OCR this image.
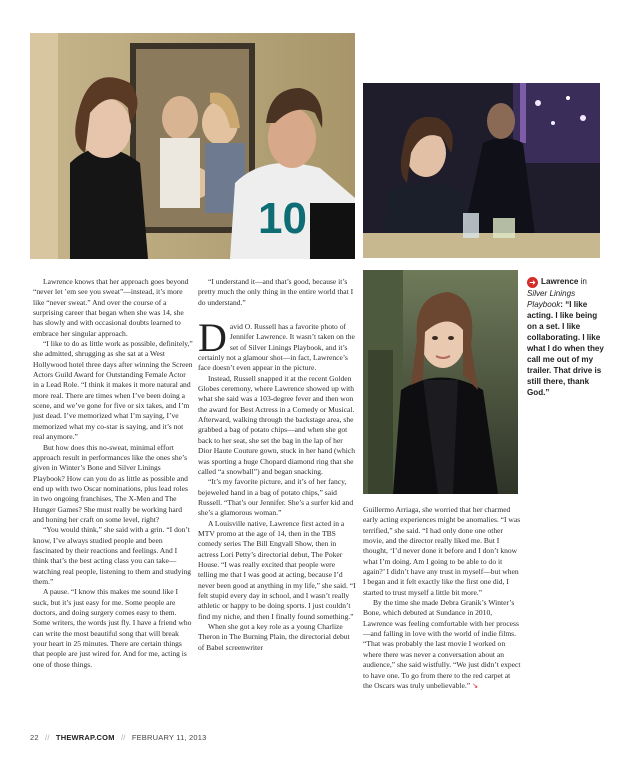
10
➜ Lawrence in Silver Linings Playbook: “I like acting. I like being on a set. I like collaborating. I like what I do when they call me out of my trailer. That drive is still there, thank God.”

Lawrence knows that her approach goes beyond “never let ’em see you sweat”—instead, it’s more like “never sweat.” And over the course of a surprising career that began when she was 14, she has slowly and with occasional doubts learned to embrace her singular approach.

“I like to do as little work as possible, definitely,” she admitted, shrugging as she sat at a West Hollywood hotel three days after winning the Screen Actors Guild Award for Outstanding Female Actor in a Lead Role. “I think it makes it more natural and more real. There are times when I’ve been doing a scene, and we’ve gone for five or six takes, and I’m just dead. I’ve memorized what I’m saying, I’ve memorized what my co-star is saying, and it’s not real anymore.”

But how does this no-sweat, minimal effort approach result in performances like the ones she’s given in Winter’s Bone and Silver Linings Playbook? How can you do as little as possible and end up with two Oscar nominations, plus lead roles in two ongoing franchises, The X-Men and The Hunger Games? She must really be working hard and honing her craft on some level, right?

“You would think,” she said with a grin. “I don’t know, I’ve always studied people and been fascinated by their reactions and feelings. And I think that’s the best acting class you can take—watching real people, listening to them and studying them.”

A pause. “I know this makes me sound like I suck, but it’s just easy for me. Some people are doctors, and doing surgery comes easy to them. Some writers, the words just fly. I have a friend who can write the most beautiful song that will break your heart in 25 minutes. There are certain things that people are just wired for. And for me, acting is one of those things.

“I understand it—and that’s good, because it’s pretty much the only thing in the entire world that I do understand.”

David O. Russell has a favorite photo of Jennifer Lawrence. It wasn’t taken on the set of Silver Linings Playbook, and it’s certainly not a glamour shot—in fact, Lawrence’s face doesn’t even appear in the picture.

Instead, Russell snapped it at the recent Golden Globes ceremony, where Lawrence showed up with what she said was a 103-degree fever and then won the award for Best Actress in a Comedy or Musical. Afterward, walking through the backstage area, she grabbed a bag of potato chips—and when she got back to her seat, she set the bag in the lap of her Dior Haute Couture gown, stuck in her hand (which was sporting a huge Chopard diamond ring that she called “a snowball”) and began snacking.

“It’s my favorite picture, and it’s of her fancy, bejeweled hand in a bag of potato chips,” said Russell. “That’s our Jennifer. She’s a surfer kid and she’s a glamorous woman.”

A Louisville native, Lawrence first acted in a MTV promo at the age of 14, then in the TBS comedy series The Bill Engvall Show, then in actress Lori Petty’s directorial debut, The Poker House. “I was really excited that people were telling me that I was good at acting, because I’d never been good at anything in my life,” she said. “I felt stupid every day in school, and I wasn’t really athletic or happy to be doing sports. I just couldn’t find my niche, and then I finally found something.”

When she got a key role as a young Charlize Theron in The Burning Plain, the directorial debut of Babel screenwriter

Guillermo Arriaga, she worried that her charmed early acting experiences might be anomalies. “I was terrified,” she said. “I had only done one other movie, and the director really liked me. But I thought, ‘I’d never done it before and I don’t know what I’m doing. Am I going to be able to do it again?’ I didn’t have any trust in myself—but when I began and it felt exactly like the first one did, I started to trust myself a little bit more.”

By the time she made Debra Granik’s Winter’s Bone, which debuted at Sundance in 2010, Lawrence was feeling comfortable with her process—and falling in love with the world of indie films. “That was probably the last movie I worked on where there was never a conversation about an audience,” she said wistfully. “We just didn’t expect to have one. To go from there to the red carpet at the Oscars was truly unbelievable.” ↘

22 // THEWRAP.COM // FEBRUARY 11, 2013
